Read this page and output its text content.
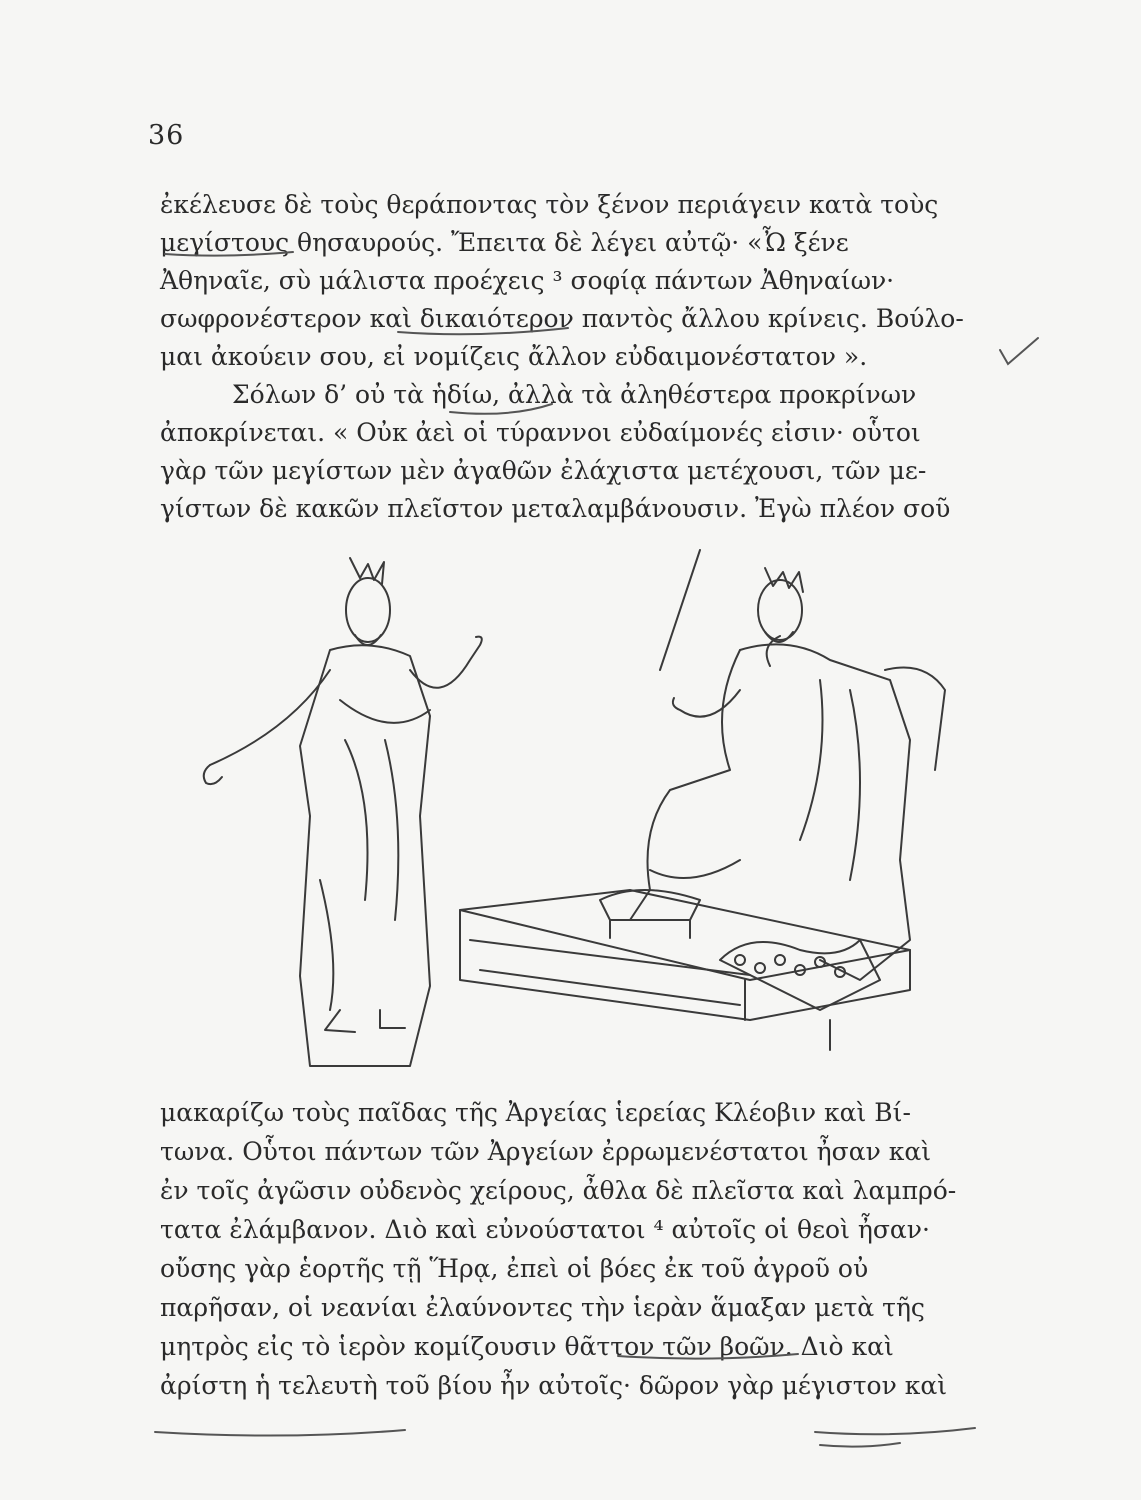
36
ἐκέλευσε δὲ τοὺς θεράποντας τὸν ξένον περιάγειν κατὰ τοὺς
μεγίστους θησαυρούς. Ἔπειτα δὲ λέγει αὐτῷ· «Ὦ ξένε
Ἀθηναῖε, σὺ μάλιστα προέχεις ³ σοφίᾳ πάντων Ἀθηναίων·
σωφρονέστερον καὶ δικαιότερον παντὸς ἄλλου κρίνεις. Βούλο-
μαι ἀκούειν σου, εἰ νομίζεις ἄλλον εὐδαιμονέστατον ».
Σόλων δ’ οὐ τὰ ἡδίω, ἀλλὰ τὰ ἀληθέστερα προκρίνων
ἀποκρίνεται. « Οὐκ ἀεὶ οἱ τύραννοι εὐδαίμονές εἰσιν· οὗτοι
γὰρ τῶν μεγίστων μὲν ἀγαθῶν ἐλάχιστα μετέχουσι, τῶν με-
γίστων δὲ κακῶν πλεῖστον μεταλαμβάνουσιν. Ἐγὼ πλέον σοῦ
μακαρίζω τοὺς παῖδας τῆς Ἀργείας ἱερείας Κλέοβιν καὶ Βί-
τωνα. Οὗτοι πάντων τῶν Ἀργείων ἐρρωμενέστατοι ἦσαν καὶ
ἐν τοῖς ἀγῶσιν οὐδενὸς χείρους, ἆθλα δὲ πλεῖστα καὶ λαμπρό-
τατα ἐλάμβανον. Διὸ καὶ εὐνούστατοι ⁴ αὐτοῖς οἱ θεοὶ ἦσαν·
οὔσης γὰρ ἑορτῆς τῇ Ἥρᾳ, ἐπεὶ οἱ βόες ἐκ τοῦ ἀγροῦ οὐ
παρῆσαν, οἱ νεανίαι ἐλαύνοντες τὴν ἱερὰν ἅμαξαν μετὰ τῆς
μητρὸς εἰς τὸ ἱερὸν κομίζουσιν θᾶττον τῶν βοῶν. Διὸ καὶ
ἀρίστη ἡ τελευτὴ τοῦ βίου ἦν αὐτοῖς· δῶρον γὰρ μέγιστον καὶ
